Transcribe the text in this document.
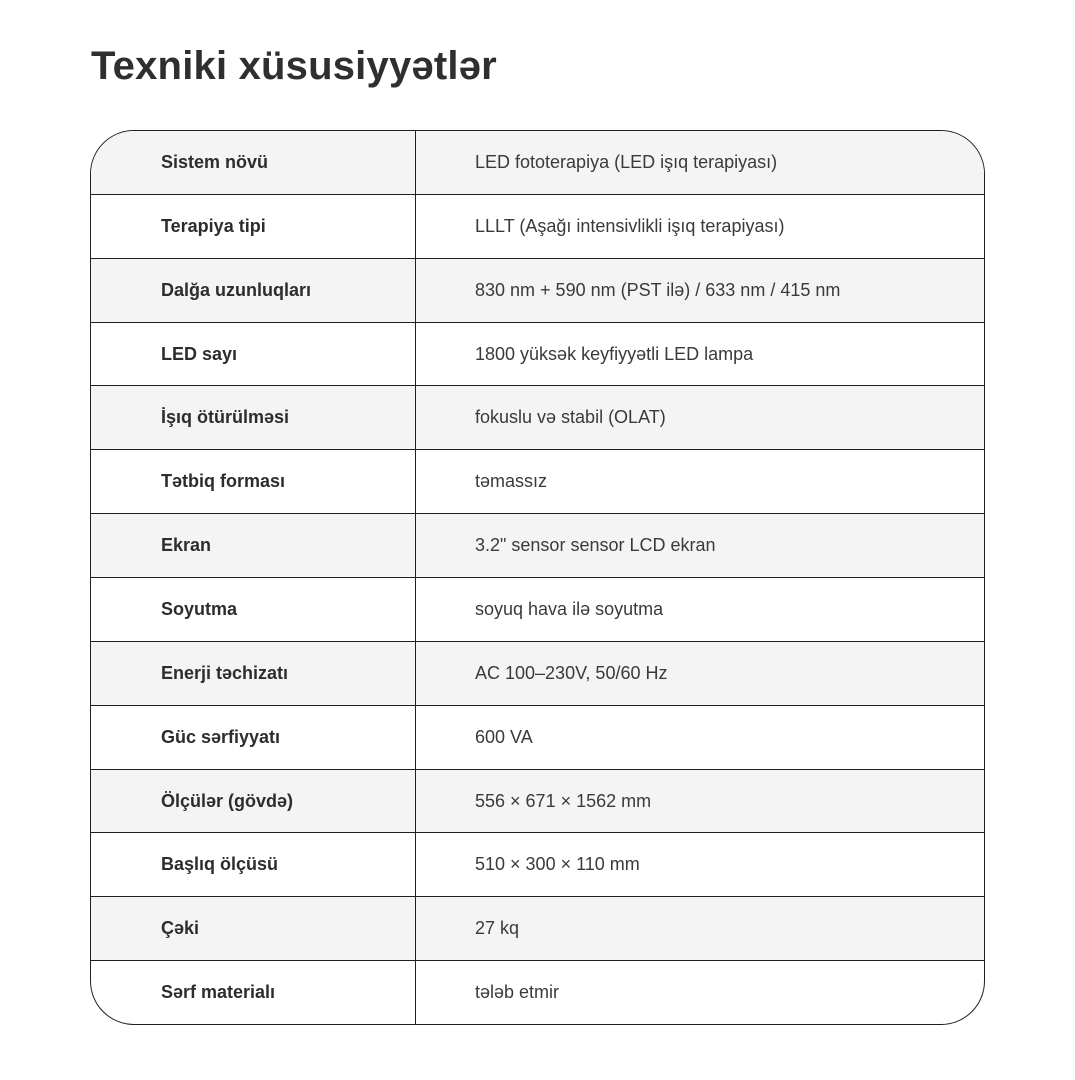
Texniki xüsusiyyətlər
Sistem növü	LED fototerapiya (LED işıq terapiyası)
Terapiya tipi	LLLT (Aşağı intensivlikli işıq terapiyası)
Dalğa uzunluqları	830 nm + 590 nm (PST ilə) / 633 nm / 415 nm
LED sayı	1800 yüksək keyfiyyətli LED lampa
İşıq ötürülməsi	fokuslu və stabil (OLAT)
Tətbiq forması	təmassız
Ekran	3.2" sensor sensor LCD ekran
Soyutma	soyuq hava ilə soyutma
Enerji təchizatı	AC 100–230V, 50/60 Hz
Güc sərfiyyatı	600 VA
Ölçülər (gövdə)	556 × 671 × 1562 mm
Başlıq ölçüsü	510 × 300 × 110 mm
Çəki	27 kq
Sərf materialı	tələb etmir
